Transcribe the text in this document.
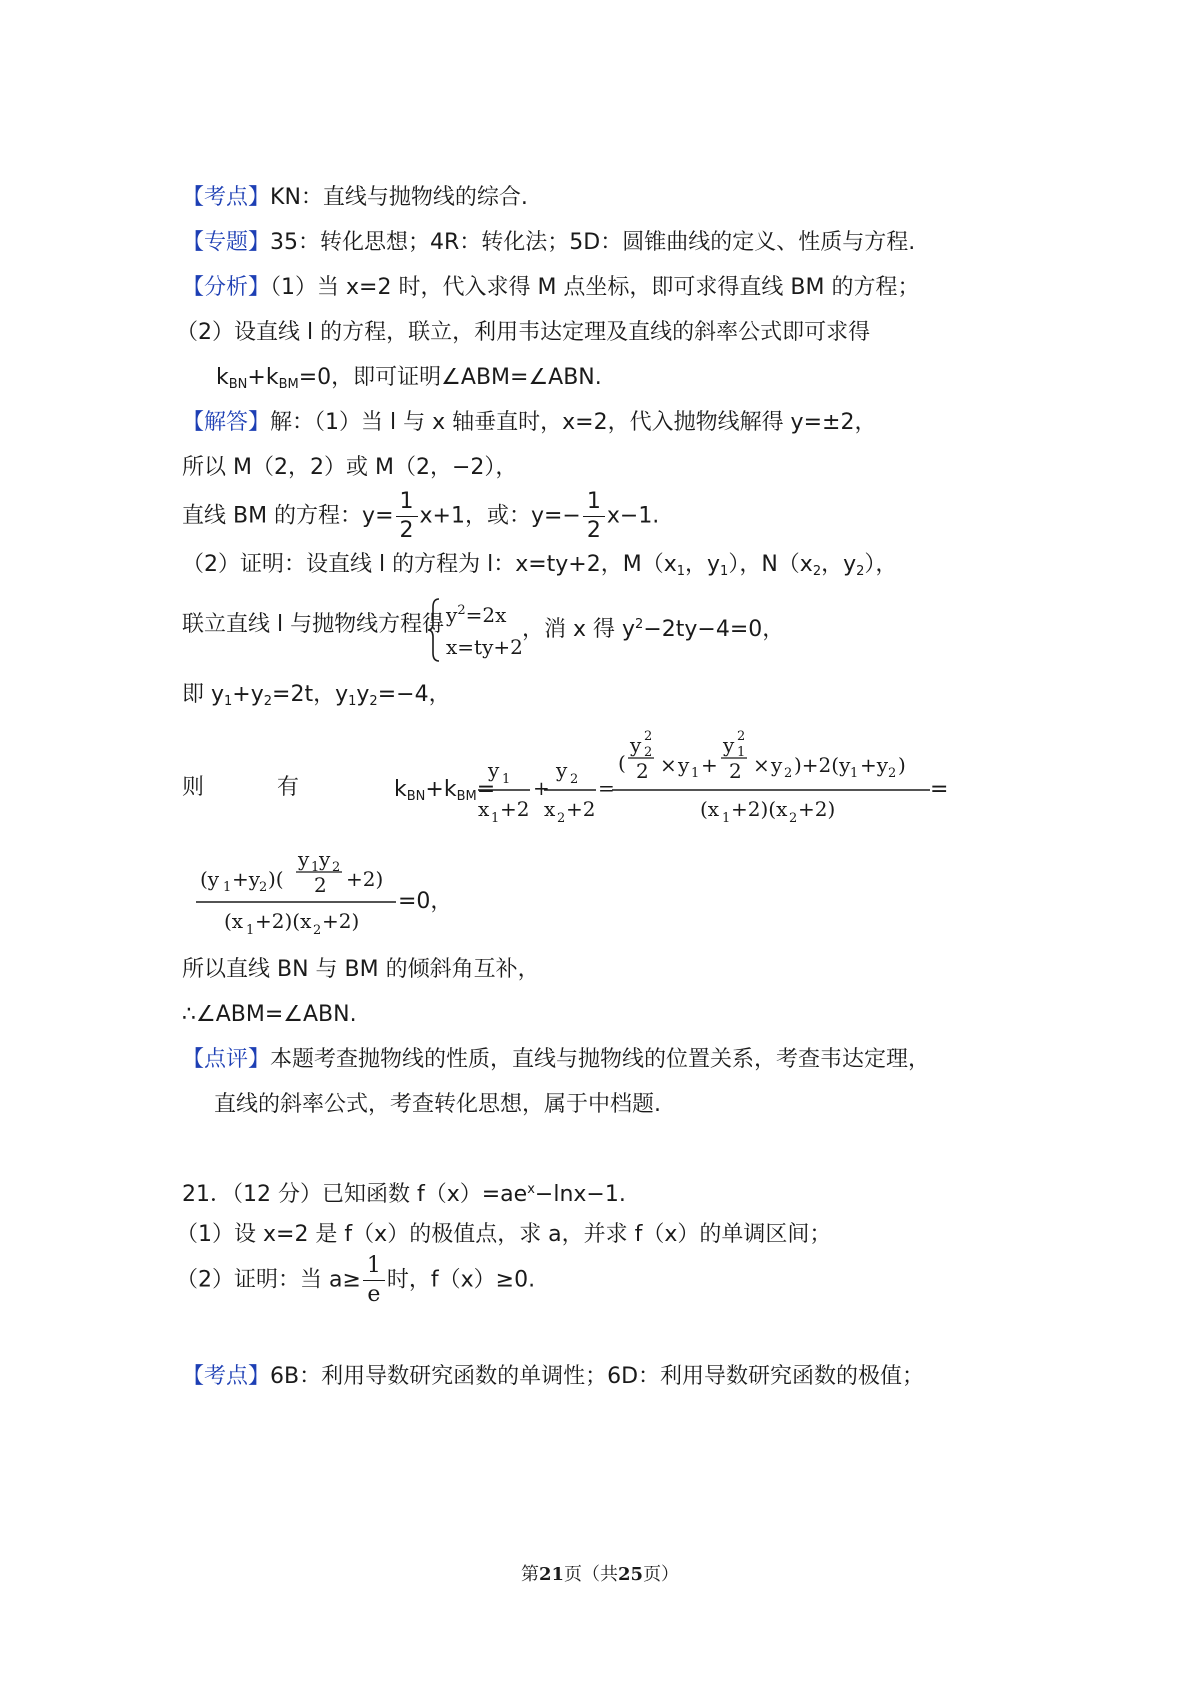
【考点】KN：直线与抛物线的综合.
【专题】35：转化思想；4R：转化法；5D：圆锥曲线的定义、性质与方程.
【分析】（1）当 x=2 时，代入求得 M 点坐标，即可求得直线 BM 的方程；
（2）设直线 l 的方程，联立，利用韦达定理及直线的斜率公式即可求得
$k_{BN}+k_{BM}=0$，即可证明∠ABM=∠ABN.
【解答】解：（1）当 l 与 x 轴垂直时，x=2，代入抛物线解得 y=±2，
所以 M（2，2）或 M（2，−2），
直线 BM 的方程：$y= \frac{1}{2} x+1$，或：$y=- \frac{1}{2} x-1$.
（2）证明：设直线 l 的方程为 l：x=ty+2，$M(x_1$，$y_1$），$N(x_2$，$y_2$），
联立直线 l 与抛物线方程得 $y^2=2x$
x=ty+2
，消 x 得 $y^2-2ty-4=0$，
即 $y_1+y_2=2t$，$y_1y_2=-4$，
则	有	$k_{BN}+k_{BM}=$
y 1
x 1 +2
+
y 2
x 2 +2
=
(
y 2
2
2 × y 1 +
y 1
2
2 × y 2 )+2(y 1 +y 2 )
(x 1 +2)(x 2 +2)
=
(y 1 +y
2 )(
y 1 y 2
2 +2)
(x 1 +2)(x 2 +2)
=0，
所以直线 BN 与 BM 的倾斜角互补，
∴∠ABM=∠ABN.
【点评】本题考查抛物线的性质，直线与抛物线的位置关系，考查韦达定理，
直线的斜率公式，考查转化思想，属于中档题.
21．（12 分）已知函数 $f(x)=ae^x-\ln x-1$.
（1）设 x=2 是 f（x）的极值点，求 a，并求 f（x）的单调区间；
（2）证明：当 $a\ge \frac{1}{e}$ 时，f（x）≥0.
【考点】6B：利用导数研究函数的单调性；6D：利用导数研究函数的极值；
第21页（共25页）
